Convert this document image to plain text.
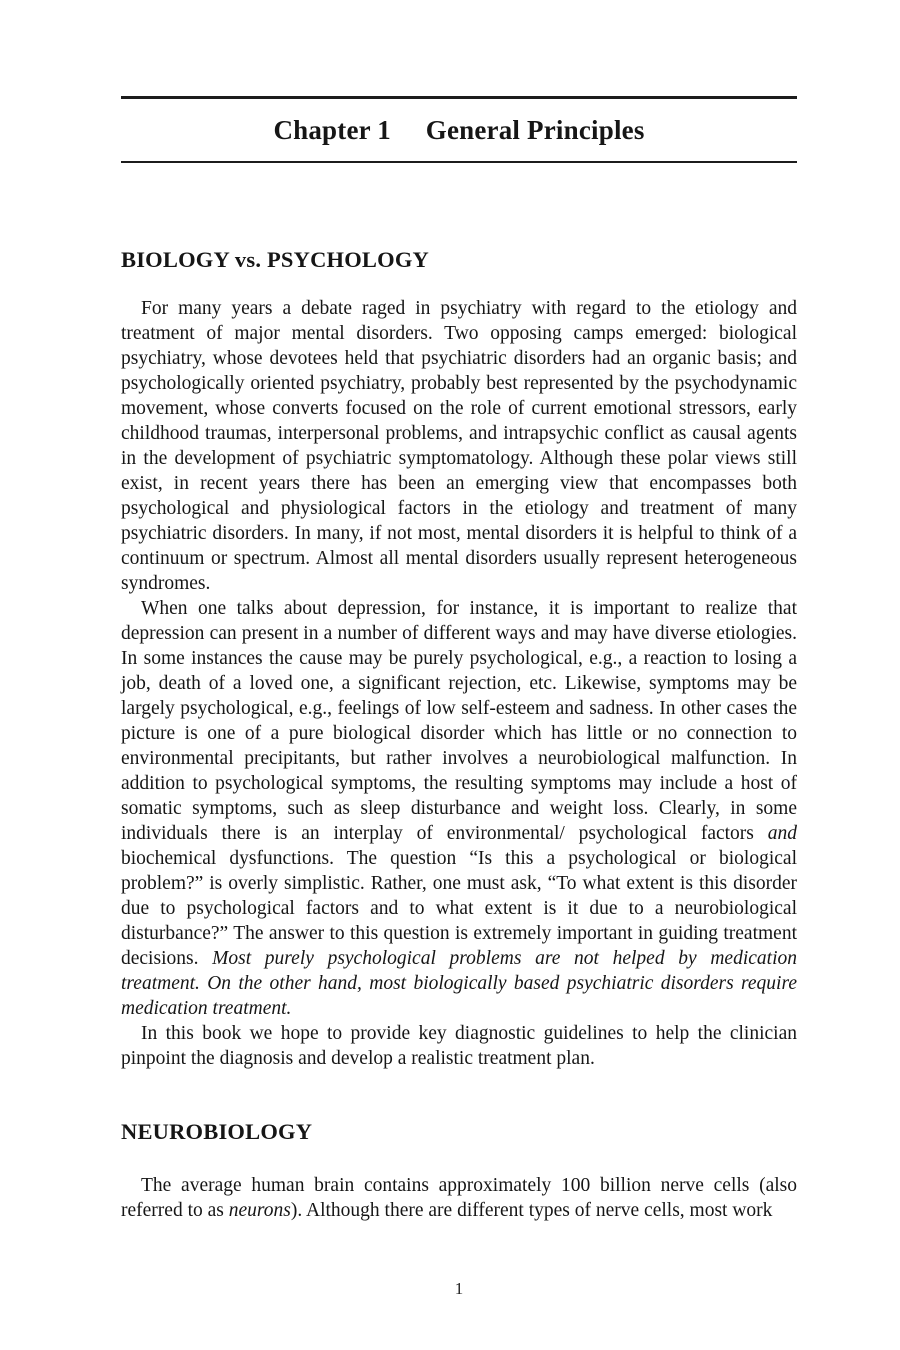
Chapter 1     General Principles
BIOLOGY vs. PSYCHOLOGY

For many years a debate raged in psychiatry with regard to the etiology and treatment of major mental disorders. Two opposing camps emerged: biological psychiatry, whose devotees held that psychiatric disorders had an organic basis; and psychologically oriented psychiatry, probably best represented by the psychodynamic movement, whose converts focused on the role of current emotional stressors, early childhood traumas, interpersonal problems, and intrapsychic conflict as causal agents in the development of psychiatric symptomatology. Although these polar views still exist, in recent years there has been an emerging view that encompasses both psychological and physiological factors in the etiology and treatment of many psychiatric disorders. In many, if not most, mental disorders it is helpful to think of a continuum or spectrum. Almost all mental disorders usually represent heterogeneous syndromes.

When one talks about depression, for instance, it is important to realize that depression can present in a number of different ways and may have diverse etiologies. In some instances the cause may be purely psychological, e.g., a reaction to losing a job, death of a loved one, a significant rejection, etc. Likewise, symptoms may be largely psychological, e.g., feelings of low self-esteem and sadness. In other cases the picture is one of a pure biological disorder which has little or no connection to environmental precipitants, but rather involves a neurobiological malfunction. In addition to psychological symptoms, the resulting symptoms may include a host of somatic symptoms, such as sleep disturbance and weight loss. Clearly, in some individuals there is an interplay of environmental/ psychological factors and biochemical dysfunctions. The question “Is this a psychological or biological problem?” is overly simplistic. Rather, one must ask, “To what extent is this disorder due to psychological factors and to what extent is it due to a neurobiological disturbance?” The answer to this question is extremely important in guiding treatment decisions. Most purely psychological problems are not helped by medication treatment. On the other hand, most biologically based psychiatric disorders require medication treatment.

In this book we hope to provide key diagnostic guidelines to help the clinician pinpoint the diagnosis and develop a realistic treatment plan.

NEUROBIOLOGY

The average human brain contains approximately 100 billion nerve cells (also referred to as neurons). Although there are different types of nerve cells, most work

1
